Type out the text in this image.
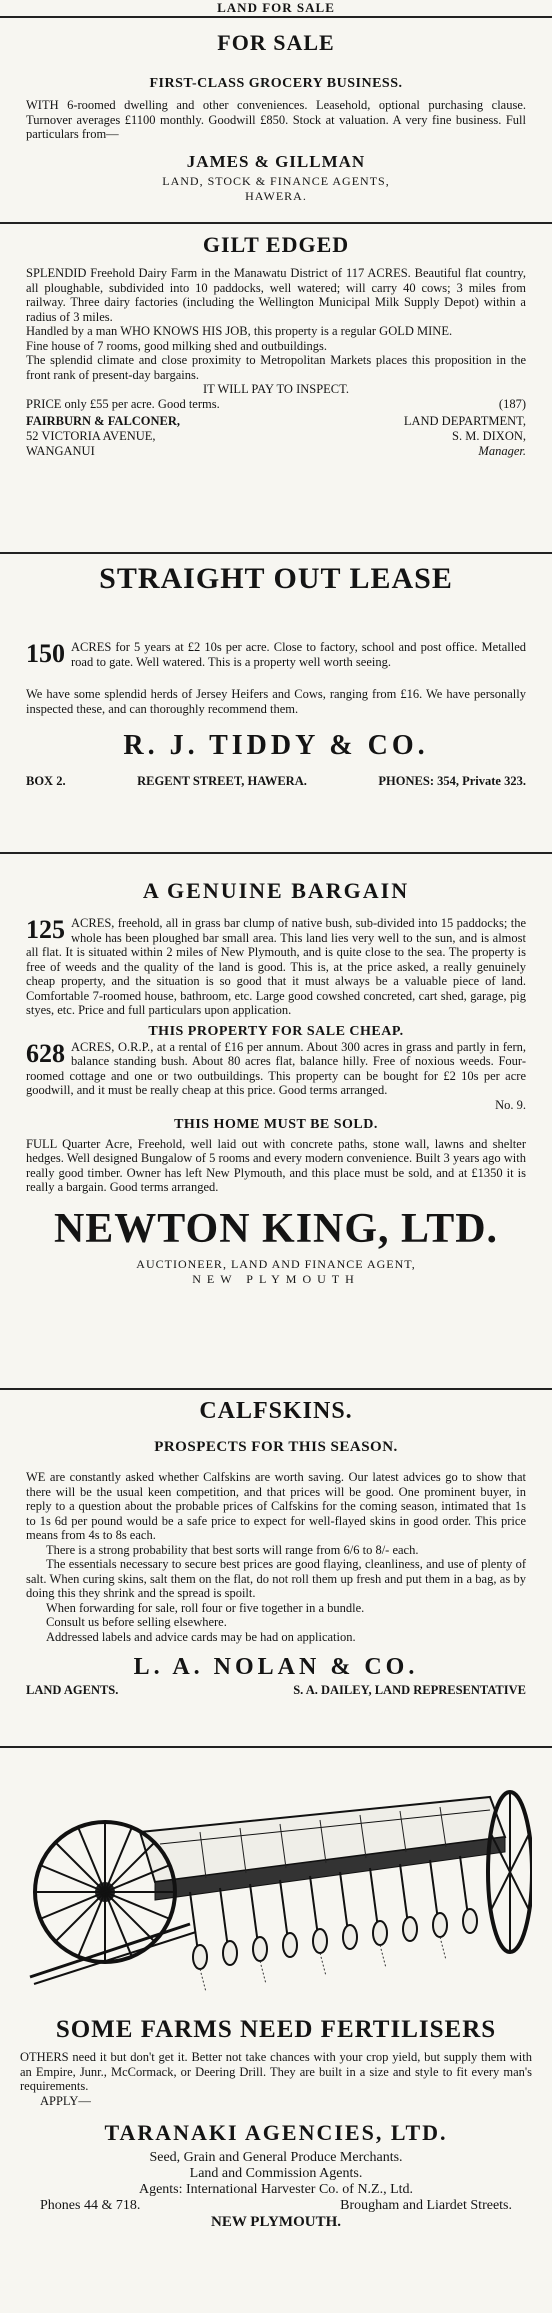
LAND FOR SALE
FOR SALE
FIRST-CLASS GROCERY BUSINESS.

WITH 6-roomed dwelling and other conveniences. Leasehold, optional purchasing clause. Turnover averages £1100 monthly. Goodwill £850. Stock at valuation. A very fine business. Full particulars from—

JAMES & GILLMAN
LAND, STOCK & FINANCE AGENTS,
HAWERA.
GILT EDGED

SPLENDID Freehold Dairy Farm in the Manawatu District of 117 ACRES. Beautiful flat country, all ploughable, subdivided into 10 paddocks, well watered; will carry 40 cows; 3 miles from railway. Three dairy factories (including the Wellington Municipal Milk Supply Depot) within a radius of 3 miles.

Handled by a man WHO KNOWS HIS JOB, this property is a regular GOLD MINE.

Fine house of 7 rooms, good milking shed and outbuildings.

The splendid climate and close proximity to Metropolitan Markets places this proposition in the front rank of present-day bargains.

IT WILL PAY TO INSPECT.
PRICE only £55 per acre. Good terms.	(187)
FAIRBURN & FALCONER,	LAND DEPARTMENT,
52 VICTORIA AVENUE,	S. M. DIXON,
WANGANUI	Manager.
STRAIGHT OUT LEASE
150 ACRES for 5 years at £2 10s per acre. Close to factory, school and post office. Metalled road to gate. Well watered. This is a property well worth seeing.

We have some splendid herds of Jersey Heifers and Cows, ranging from £16. We have personally inspected these, and can thoroughly recommend them.

R. J. TIDDY & CO.
BOX 2.	REGENT STREET, HAWERA.	PHONES: 354, Private 323.
A GENUINE BARGAIN
125 ACRES, freehold, all in grass bar clump of native bush, sub-divided into 15 paddocks; the whole has been ploughed bar small area. This land lies very well to the sun, and is almost all flat. It is situated within 2 miles of New Plymouth, and is quite close to the sea. The property is free of weeds and the quality of the land is good. This is, at the price asked, a really genuinely cheap property, and the situation is so good that it must always be a valuable piece of land. Comfortable 7-roomed house, bathroom, etc. Large good cowshed concreted, cart shed, garage, pig styes, etc. Price and full particulars upon application.

THIS PROPERTY FOR SALE CHEAP.
628 ACRES, O.R.P., at a rental of £16 per annum. About 300 acres in grass and partly in fern, balance standing bush. About 80 acres flat, balance hilly. Free of noxious weeds. Four-roomed cottage and one or two outbuildings. This property can be bought for £2 10s per acre goodwill, and it must be really cheap at this price. Good terms arranged.

No. 9.
THIS HOME MUST BE SOLD.

FULL Quarter Acre, Freehold, well laid out with concrete paths, stone wall, lawns and shelter hedges. Well designed Bungalow of 5 rooms and every modern convenience. Built 3 years ago with really good timber. Owner has left New Plymouth, and this place must be sold, and at £1350 it is really a bargain. Good terms arranged.

NEWTON KING, LTD.
AUCTIONEER, LAND AND FINANCE AGENT,
NEW PLYMOUTH
CALFSKINS.
PROSPECTS FOR THIS SEASON.

WE are constantly asked whether Calfskins are worth saving. Our latest advices go to show that there will be the usual keen competition, and that prices will be good. One prominent buyer, in reply to a question about the probable prices of Calfskins for the coming season, intimated that 1s to 1s 6d per pound would be a safe price to expect for well-flayed skins in good order. This price means from 4s to 8s each.

There is a strong probability that best sorts will range from 6/6 to 8/- each.

The essentials necessary to secure best prices are good flaying, cleanliness, and use of plenty of salt. When curing skins, salt them on the flat, do not roll them up fresh and put them in a bag, as by doing this they shrink and the spread is spoilt.

When forwarding for sale, roll four or five together in a bundle.

Consult us before selling elsewhere.

Addressed labels and advice cards may be had on application.

L. A. NOLAN & CO.
LAND AGENTS.	S. A. DAILEY, LAND REPRESENTATIVE
SOME FARMS NEED FERTILISERS

OTHERS need it but don't get it. Better not take chances with your crop yield, but supply them with an Empire, Junr., McCormack, or Deering Drill. They are built in a size and style to fit every man's requirements.

APPLY—

TARANAKI AGENCIES, LTD.
Seed, Grain and General Produce Merchants.
Land and Commission Agents.
Agents: International Harvester Co. of N.Z., Ltd.
Phones 44 & 718.	Brougham and Liardet Streets.
NEW PLYMOUTH.
